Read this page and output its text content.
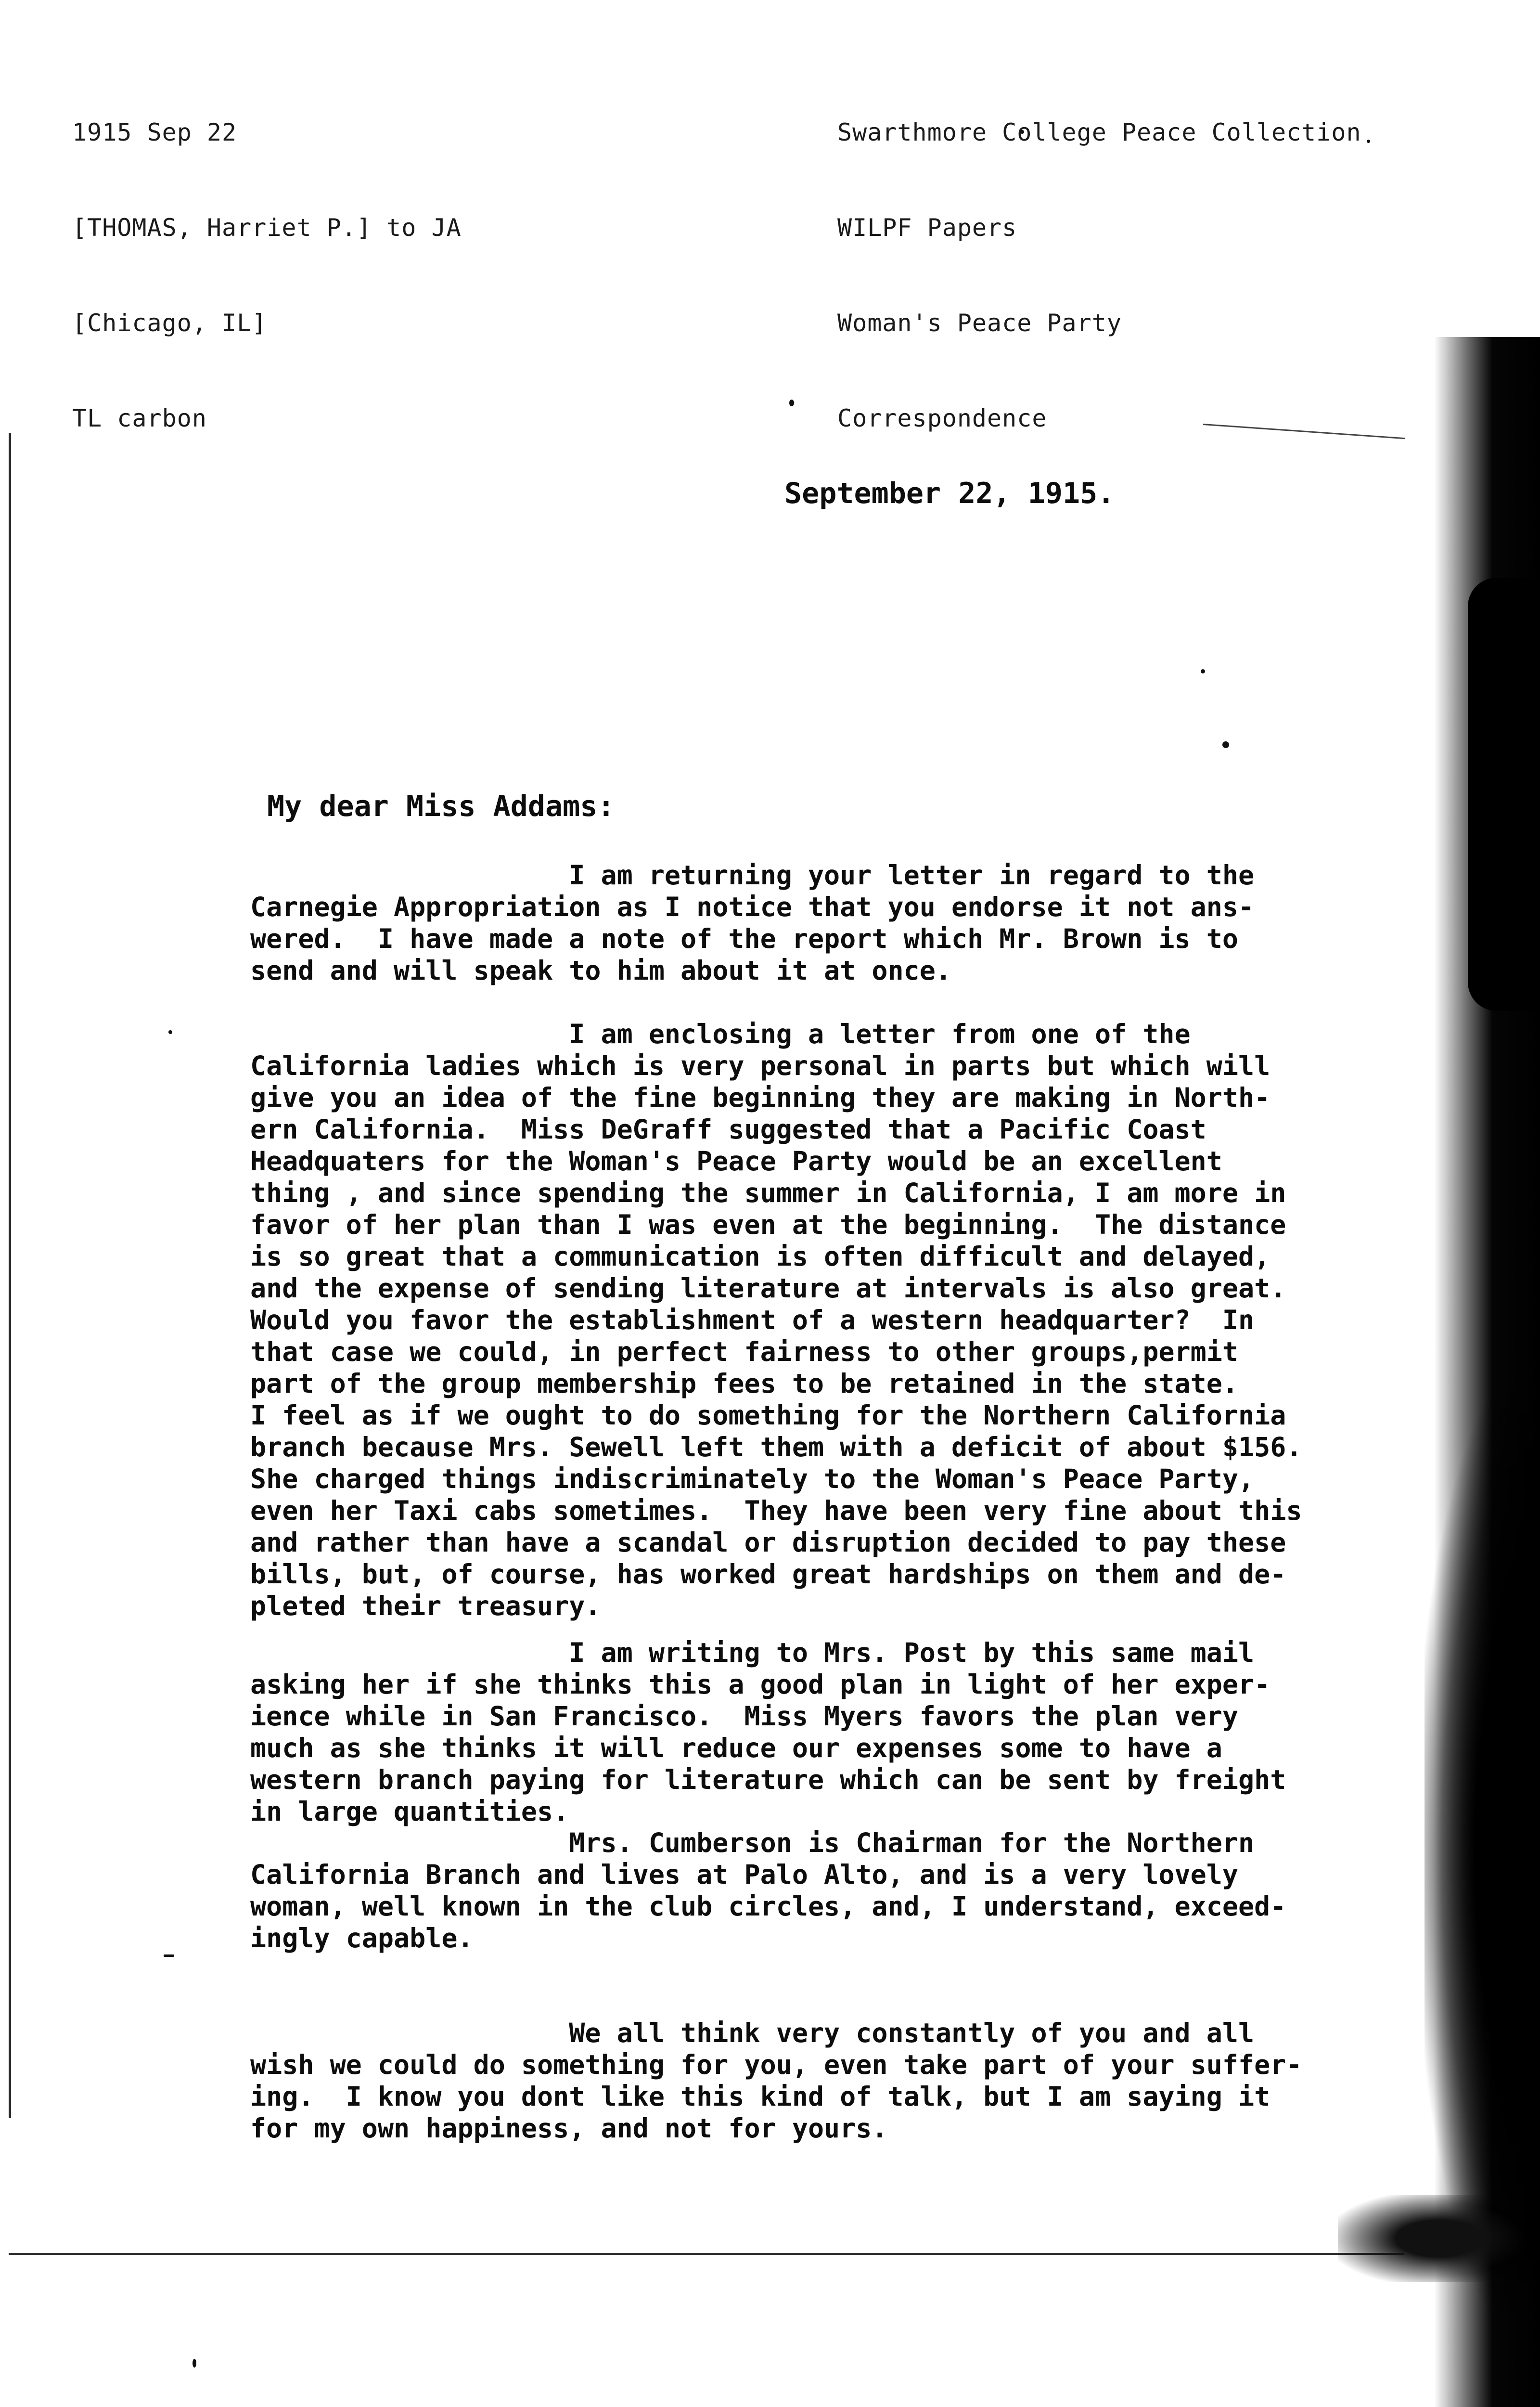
1915 Sep 22

[THOMAS, Harriet P.] to JA

[Chicago, IL]

TL carbon

Swarthmore College Peace Collection

WILPF Papers

Woman's Peace Party

Correspondence

September 22, 1915.
My dear Miss Addams:
I am returning your letter in regard to the
Carnegie Appropriation as I notice that you endorse it not ans-
wered.  I have made a note of the report which Mr. Brown is to
send and will speak to him about it at once.
I am enclosing a letter from one of the
California ladies which is very personal in parts but which will
give you an idea of the fine beginning they are making in North-
ern California.  Miss DeGraff suggested that a Pacific Coast
Headquaters for the Woman's Peace Party would be an excellent
thing , and since spending the summer in California, I am more in
favor of her plan than I was even at the beginning.  The distance
is so great that a communication is often difficult and delayed,
and the expense of sending literature at intervals is also great.
Would you favor the establishment of a western headquarter?  In
that case we could, in perfect fairness to other groups,permit
part of the group membership fees to be retained in the state.
I feel as if we ought to do something for the Northern California
branch because Mrs. Sewell left them with a deficit of about $156.
She charged things indiscriminately to the Woman's Peace Party,
even her Taxi cabs sometimes.  They have been very fine about this
and rather than have a scandal or disruption decided to pay these
bills, but, of course, has worked great hardships on them and de-
pleted their treasury.
I am writing to Mrs. Post by this same mail
asking her if she thinks this a good plan in light of her exper-
ience while in San Francisco.  Miss Myers favors the plan very
much as she thinks it will reduce our expenses some to have a
western branch paying for literature which can be sent by freight
in large quantities.
Mrs. Cumberson is Chairman for the Northern
California Branch and lives at Palo Alto, and is a very lovely
woman, well known in the club circles, and, I understand, exceed-
ingly capable.
We all think very constantly of you and all
wish we could do something for you, even take part of your suffer-
ing.  I know you dont like this kind of talk, but I am saying it
for my own happiness, and not for yours.
